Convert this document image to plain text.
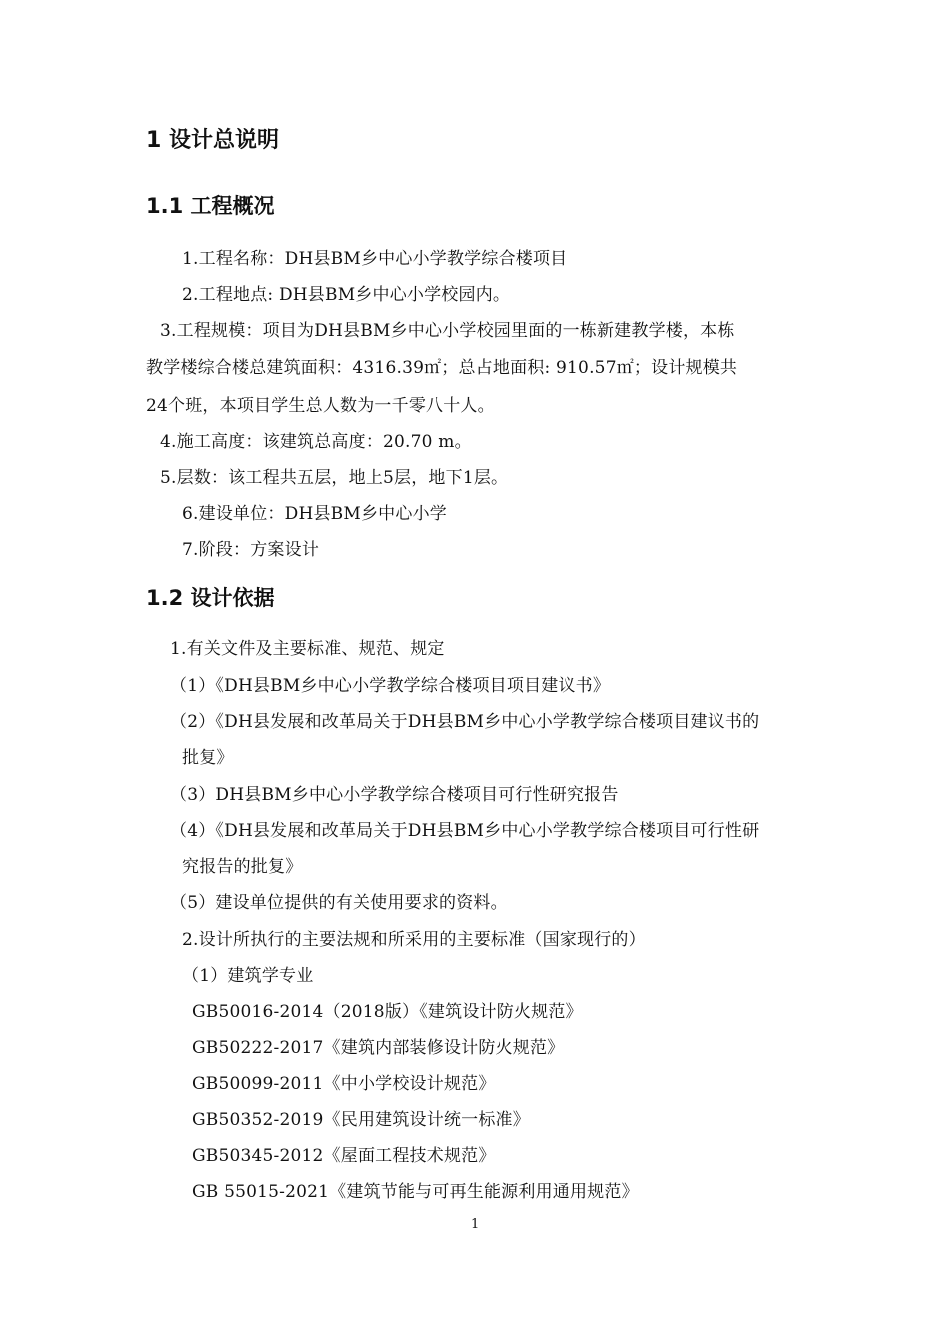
1 设计总说明
1.1 工程概况
1.工程名称：DH县BM乡中心小学教学综合楼项目
2.工程地点: DH县BM乡中心小学校园内。
3.工程规模：项目为DH县BM乡中心小学校园里面的一栋新建教学楼，本栋
教学楼综合楼总建筑面积：4316.39㎡；总占地面积: 910.57㎡；设计规模共
24个班，本项目学生总人数为一千零八十人。
4.施工高度：该建筑总高度：20.70 m。
5.层数：该工程共五层，地上5层，地下1层。
6.建设单位：DH县BM乡中心小学
7.阶段：方案设计
1.2 设计依据
1.有关文件及主要标准、规范、规定
（1）《DH县BM乡中心小学教学综合楼项目项目建议书》
（2）《DH县发展和改革局关于DH县BM乡中心小学教学综合楼项目建议书的
批复》
（3）DH县BM乡中心小学教学综合楼项目可行性研究报告
（4）《DH县发展和改革局关于DH县BM乡中心小学教学综合楼项目可行性研
究报告的批复》
（5）建设单位提供的有关使用要求的资料。
2.设计所执行的主要法规和所采用的主要标准（国家现行的）
（1）建筑学专业
GB50016-2014（2018版）《建筑设计防火规范》
GB50222-2017《建筑内部装修设计防火规范》
GB50099-2011《中小学校设计规范》
GB50352-2019《民用建筑设计统一标准》
GB50345-2012《屋面工程技术规范》
GB 55015-2021《建筑节能与可再生能源利用通用规范》
1
